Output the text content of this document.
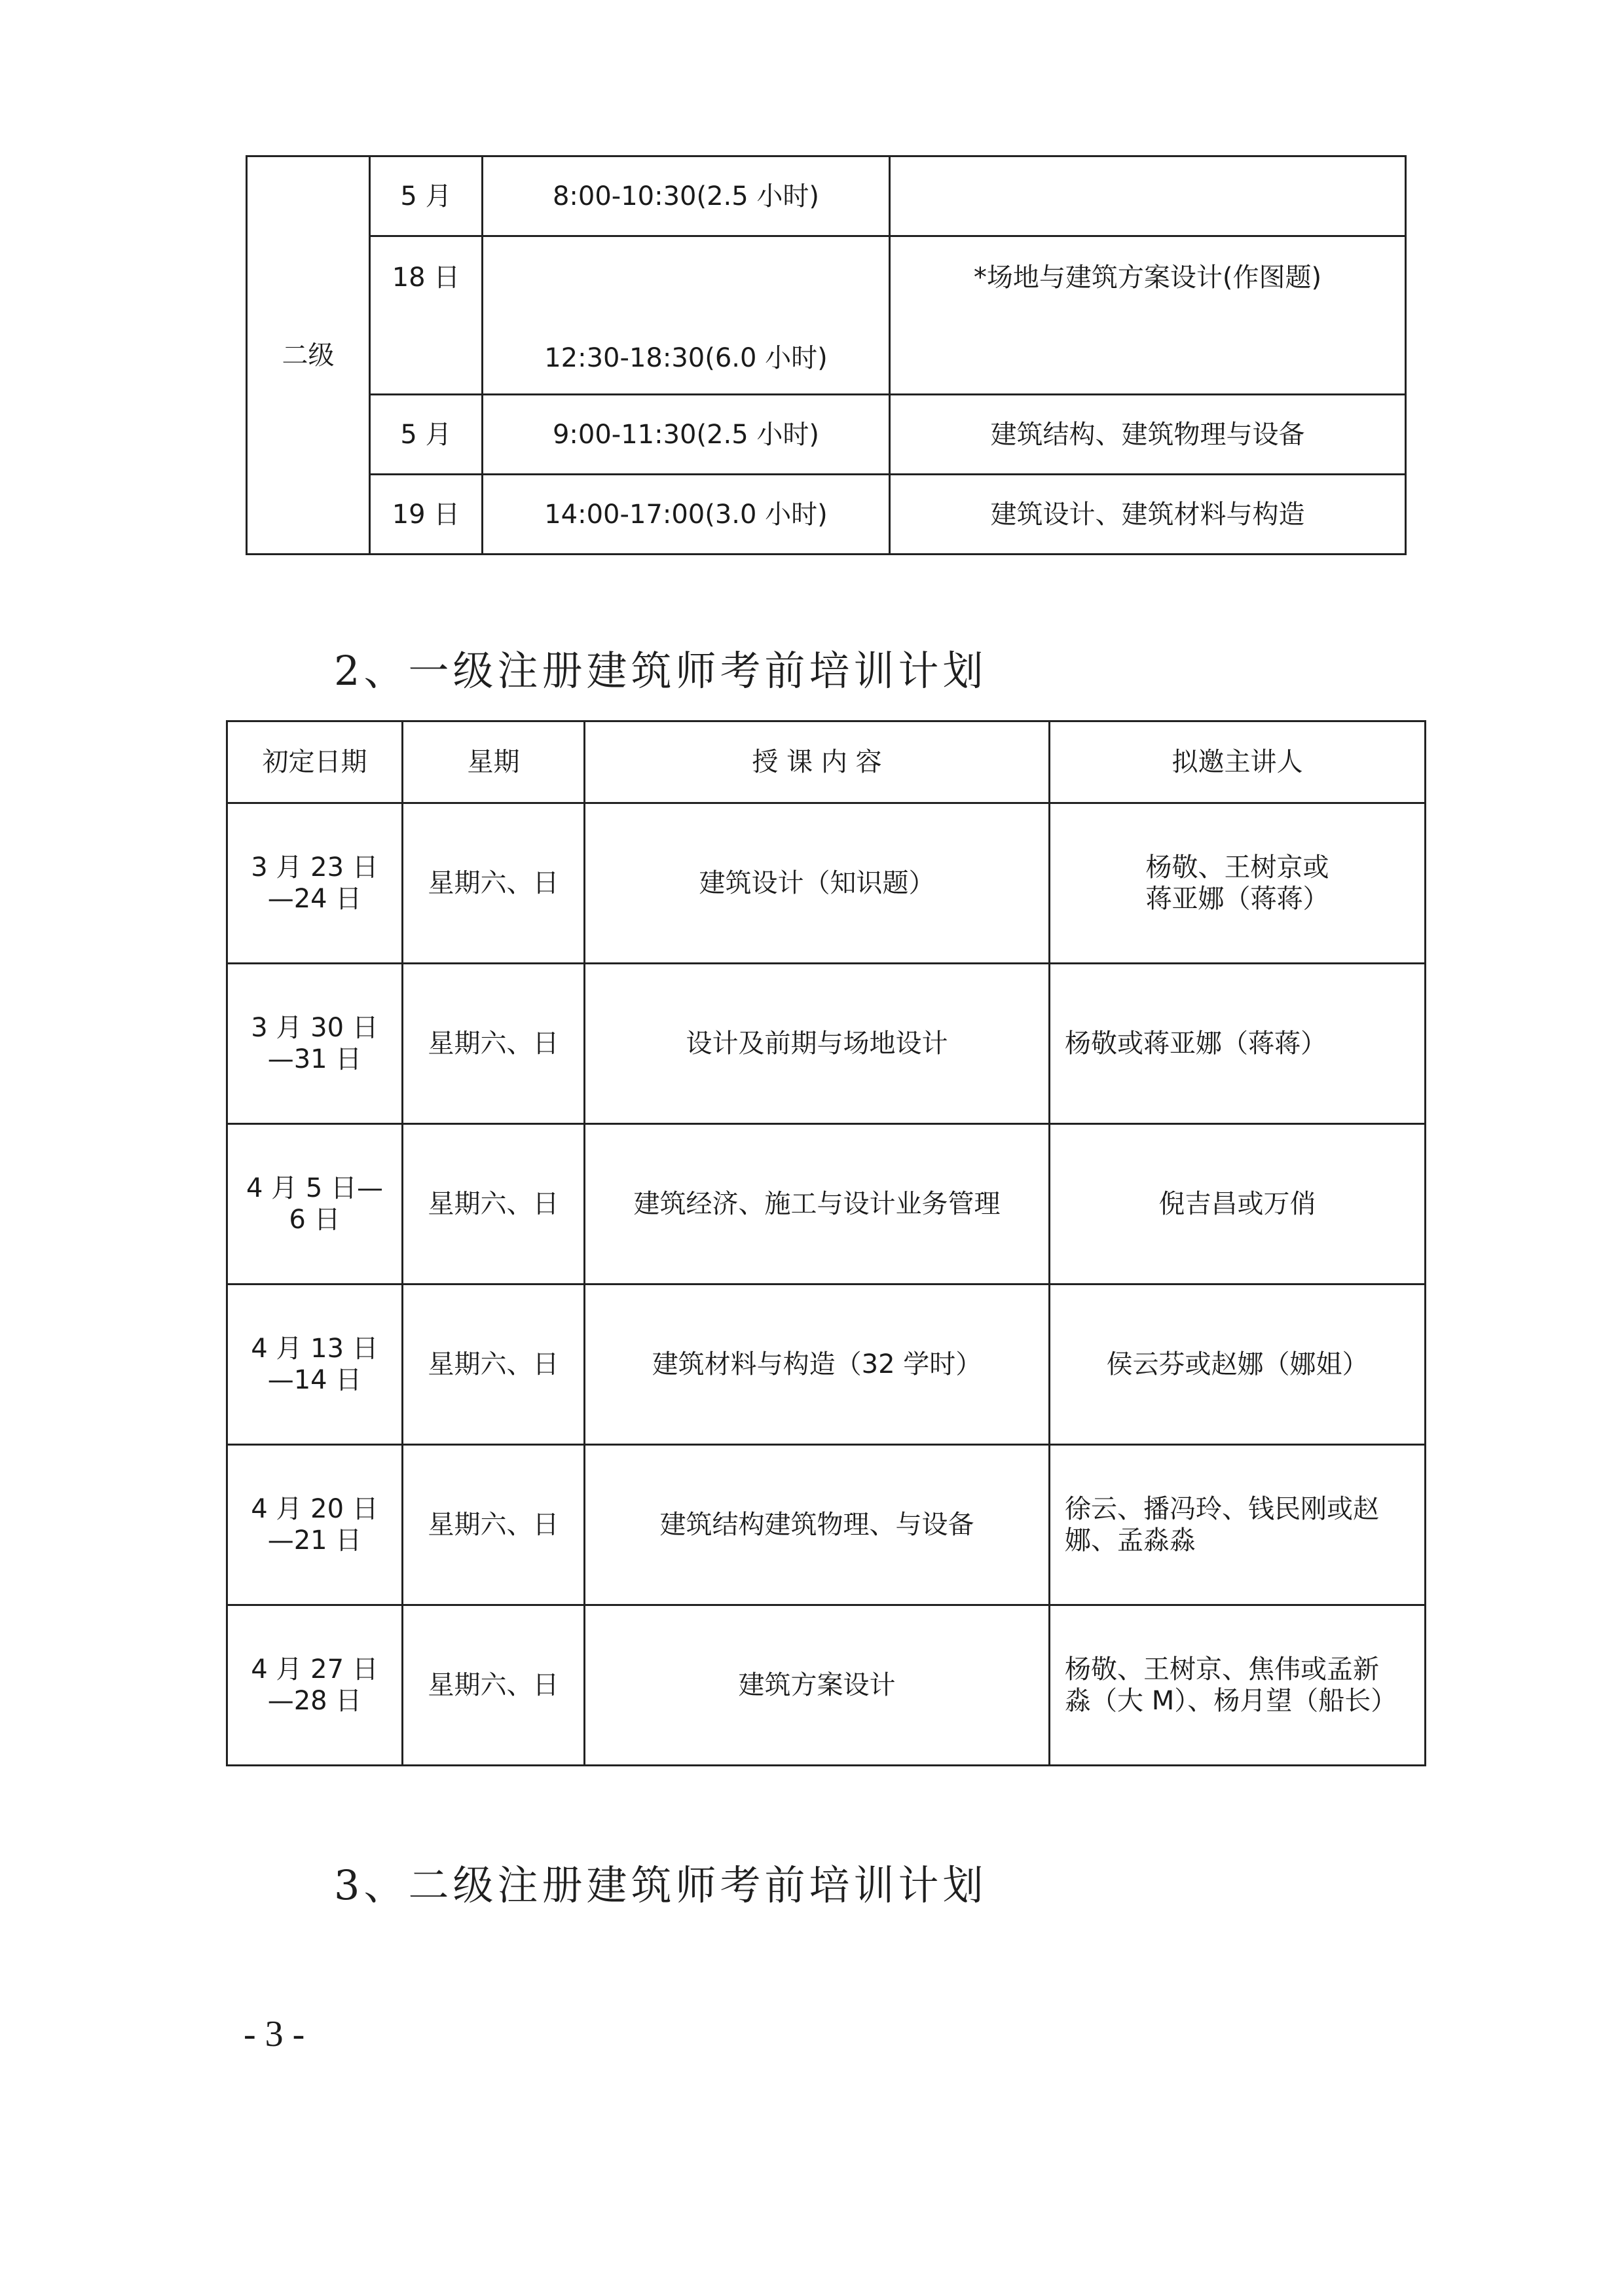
二级	5 月	8:00-10:30(2.5 小时)	
	18 日	12:30-18:30(6.0 小时)	*场地与建筑方案设计(作图题)
	5 月	9:00-11:30(2.5 小时)	建筑结构、建筑物理与设备
	19 日	14:00-17:00(3.0 小时)	建筑设计、建筑材料与构造
2、一级注册建筑师考前培训计划
初定日期	星期	授 课 内 容	拟邀主讲人

3 月 23 日
—24 日	星期六、日	建筑设计（知识题）	杨敬、王树京或
蒋亚娜（蒋蒋）

3 月 30 日
—31 日	星期六、日	设计及前期与场地设计	杨敬或蒋亚娜（蒋蒋）

4 月 5 日—
6 日	星期六、日	建筑经济、施工与设计业务管理	倪吉昌或万俏

4 月 13 日
—14 日	星期六、日	建筑材料与构造（32 学时）	侯云芬或赵娜（娜姐）

4 月 20 日
—21 日	星期六、日	建筑结构建筑物理、与设备	徐云、播冯玲、钱民刚或赵
娜、孟淼淼

4 月 27 日
—28 日	星期六、日	建筑方案设计	杨敬、王树京、焦伟或孟新
淼（大 M）、杨月望（船长）
3、二级注册建筑师考前培训计划
- 3 -
